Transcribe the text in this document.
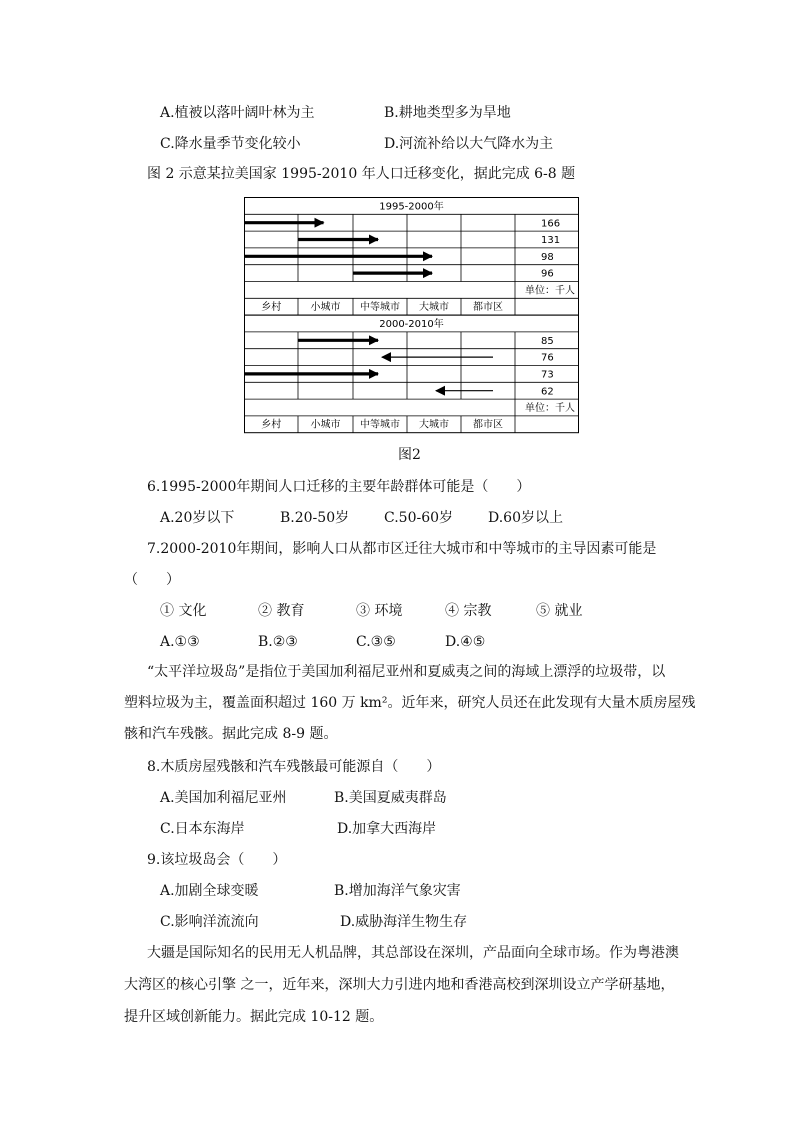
A.植被以落叶阔叶林为主	B.耕地类型多为旱地
C.降水量季节变化较小	D.河流补给以大气降水为主
图 2 示意某拉美国家 1995-2010 年人口迁移变化，据此完成 6-8 题
1995-2000年
166
131
98
96
单位：千人
乡村	小城市 中等城市 大城市 都市区
2000-2010年
85
76
73
62
单位：千人
乡村	小城市 中等城市 大城市 都市区
图2
6.1995-2000年期间人口迁移的主要年龄群体可能是（　　）
A.20岁以下	B.20-50岁 C.50-60岁 D.60岁以上
7.2000-2010年期间，影响人口从都市区迁往大城市和中等城市的主导因素可能是
（　　）
① 文化	② 教育	③ 环境	④ 宗教	⑤ 就业
A.①③	B.②③	C.③⑤	D.④⑤
“太平洋垃圾岛”是指位于美国加利福尼亚州和夏威夷之间的海域上漂浮的垃圾带，以
塑料垃圾为主，覆盖面积超过 160 万 km²。近年来，研究人员还在此发现有大量木质房屋残
骸和汽车残骸。据此完成 8-9 题。
8.木质房屋残骸和汽车残骸最可能源自（　　）
A.美国加利福尼亚州	B.美国夏威夷群岛
C.日本东海岸	D.加拿大西海岸
9.该垃圾岛会（　　）
A.加剧全球变暖	B.增加海洋气象灾害
C.影响洋流流向	D.威胁海洋生物生存
大疆是国际知名的民用无人机品牌，其总部设在深圳，产品面向全球市场。作为粤港澳
大湾区的核心引擎 之一，近年来，深圳大力引进内地和香港高校到深圳设立产学研基地，
提升区域创新能力。据此完成 10-12 题。
